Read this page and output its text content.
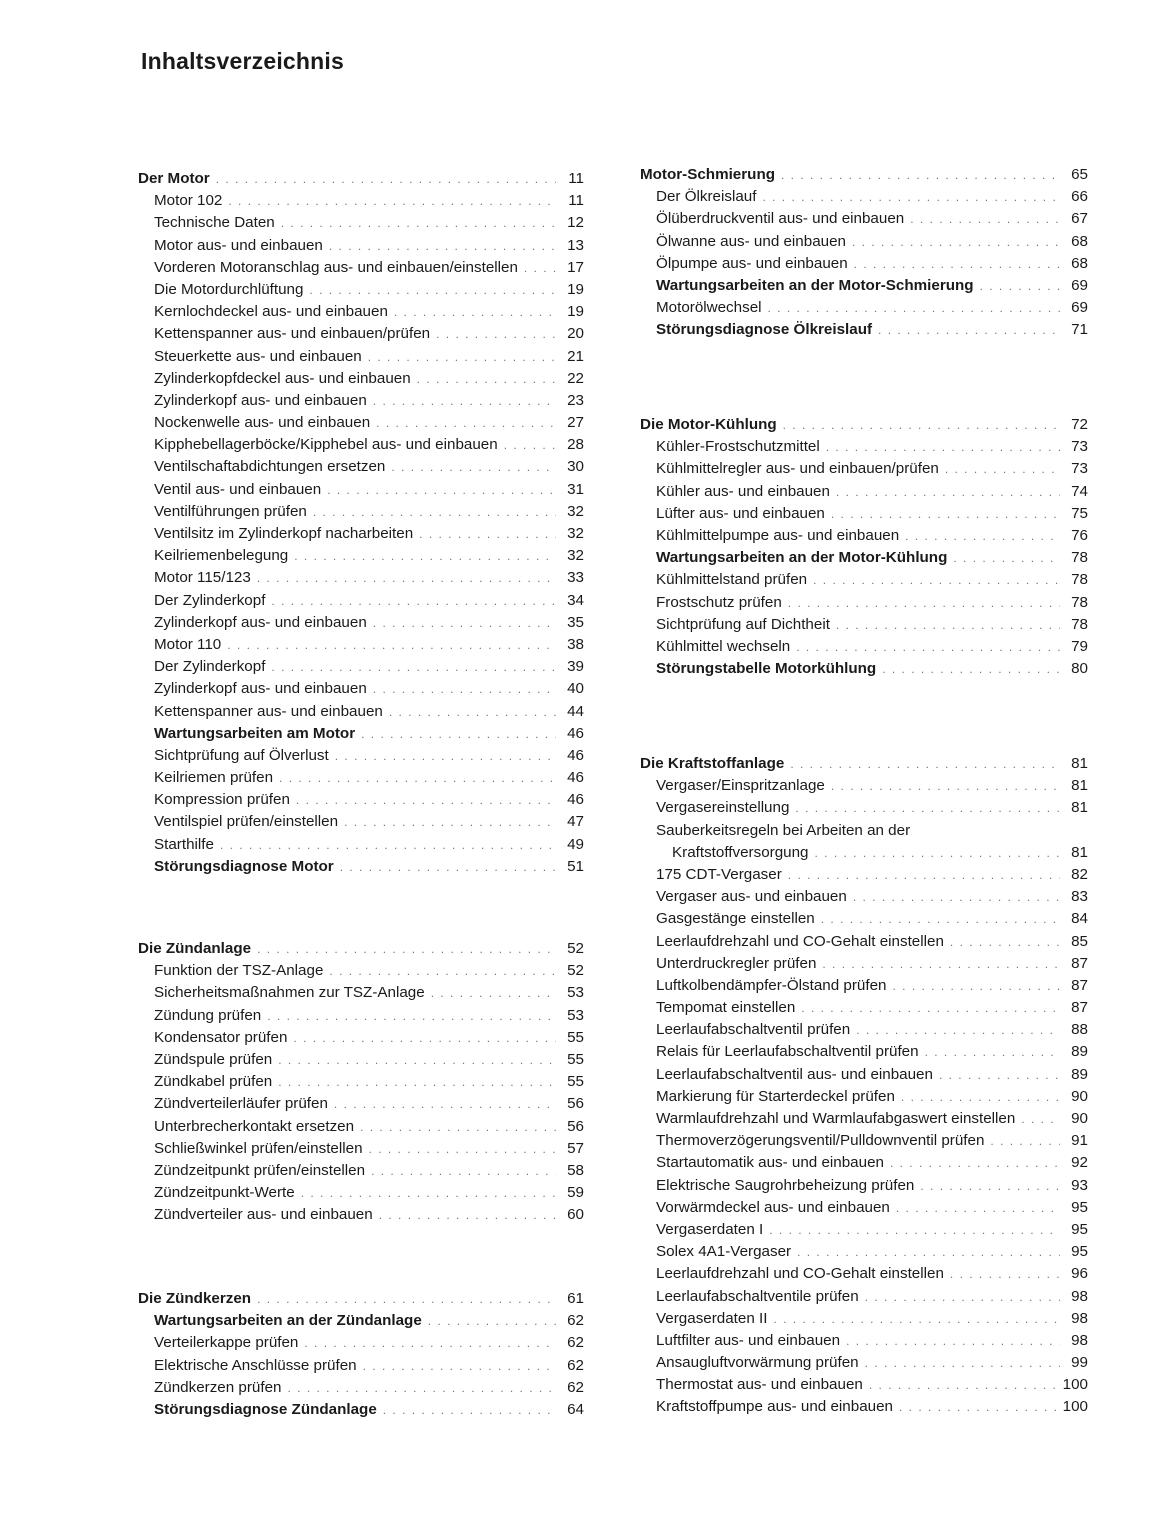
Inhaltsverzeichnis
Der Motor . . .	11
Motor 102 . . .	11
Technische Daten . . .	12
Motor aus- und einbauen . . .	13
Vorderen Motoranschlag aus- und einbauen/einstellen . . .	17
Die Motordurchlüftung . . .	19
Kernlochdeckel aus- und einbauen . . .	19
Kettenspanner aus- und einbauen/prüfen . . .	20
Steuerkette aus- und einbauen . . .	21
Zylinderkopfdeckel aus- und einbauen . . .	22
Zylinderkopf aus- und einbauen . . .	23
Nockenwelle aus- und einbauen . . .	27
Kipphebellagerböcke/Kipphebel aus- und einbauen . . .	28
Ventilschaftabdichtungen ersetzen . . .	30
Ventil aus- und einbauen . . .	31
Ventilführungen prüfen . . .	32
Ventilsitz im Zylinderkopf nacharbeiten . . .	32
Keilriemenbelegung . . .	32
Motor 115/123 . . .	33
Der Zylinderkopf . . .	34
Zylinderkopf aus- und einbauen . . .	35
Motor 110 . . .	38
Der Zylinderkopf . . .	39
Zylinderkopf aus- und einbauen . . .	40
Kettenspanner aus- und einbauen . . .	44
Wartungsarbeiten am Motor . . .	46
Sichtprüfung auf Ölverlust . . .	46
Keilriemen prüfen . . .	46
Kompression prüfen . . .	46
Ventilspiel prüfen/einstellen . . .	47
Starthilfe . . .	49
Störungsdiagnose Motor . . .	51
Die Zündanlage . . .	52
Funktion der TSZ-Anlage . . .	52
Sicherheitsmaßnahmen zur TSZ-Anlage . . .	53
Zündung prüfen . . .	53
Kondensator prüfen . . .	55
Zündspule prüfen . . .	55
Zündkabel prüfen . . .	55
Zündverteilerläufer prüfen . . .	56
Unterbrecherkontakt ersetzen . . .	56
Schließwinkel prüfen/einstellen . . .	57
Zündzeitpunkt prüfen/einstellen . . .	58
Zündzeitpunkt-Werte . . .	59
Zündverteiler aus- und einbauen . . .	60
Die Zündkerzen . . .	61
Wartungsarbeiten an der Zündanlage . . .	62
Verteilerkappe prüfen . . .	62
Elektrische Anschlüsse prüfen . . .	62
Zündkerzen prüfen . . .	62
Störungsdiagnose Zündanlage . . .	64
Motor-Schmierung . . .	65
Der Ölkreislauf . . .	66
Ölüberdruckventil aus- und einbauen . . .	67
Ölwanne aus- und einbauen . . .	68
Ölpumpe aus- und einbauen . . .	68
Wartungsarbeiten an der Motor-Schmierung . . .	69
Motorölwechsel . . .	69
Störungsdiagnose Ölkreislauf . . .	71
Die Motor-Kühlung . . .	72
Kühler-Frostschutzmittel . . .	73
Kühlmittelregler aus- und einbauen/prüfen . . .	73
Kühler aus- und einbauen . . .	74
Lüfter aus- und einbauen . . .	75
Kühlmittelpumpe aus- und einbauen . . .	76
Wartungsarbeiten an der Motor-Kühlung . . .	78
Kühlmittelstand prüfen . . .	78
Frostschutz prüfen . . .	78
Sichtprüfung auf Dichtheit . . .	78
Kühlmittel wechseln . . .	79
Störungstabelle Motorkühlung . . .	80
Die Kraftstoffanlage . . .	81
Vergaser/Einspritzanlage . . .	81
Vergasereinstellung . . .	81
Sauberkeitsregeln bei Arbeiten an der
Kraftstoffversorgung . . .	81
175 CDT-Vergaser . . .	82
Vergaser aus- und einbauen . . .	83
Gasgestänge einstellen . . .	84
Leerlaufdrehzahl und CO-Gehalt einstellen . . .	85
Unterdruckregler prüfen . . .	87
Luftkolbendämpfer-Ölstand prüfen . . .	87
Tempomat einstellen . . .	87
Leerlaufabschaltventil prüfen . . .	88
Relais für Leerlaufabschaltventil prüfen . . .	89
Leerlaufabschaltventil aus- und einbauen . . .	89
Markierung für Starterdeckel prüfen . . .	90
Warmlaufdrehzahl und Warmlaufabgaswert einstellen . . .	90
Thermoverzögerungsventil/Pulldownventil prüfen . . .	91
Startautomatik aus- und einbauen . . .	92
Elektrische Saugrohrbeheizung prüfen . . .	93
Vorwärmdeckel aus- und einbauen . . .	95
Vergaserdaten I . . .	95
Solex 4A1-Vergaser . . .	95
Leerlaufdrehzahl und CO-Gehalt einstellen . . .	96
Leerlaufabschaltventile prüfen . . .	98
Vergaserdaten II . . .	98
Luftfilter aus- und einbauen . . .	98
Ansaugluftvorwärmung prüfen . . .	99
Thermostat aus- und einbauen . . .	100
Kraftstoffpumpe aus- und einbauen . . .	100
